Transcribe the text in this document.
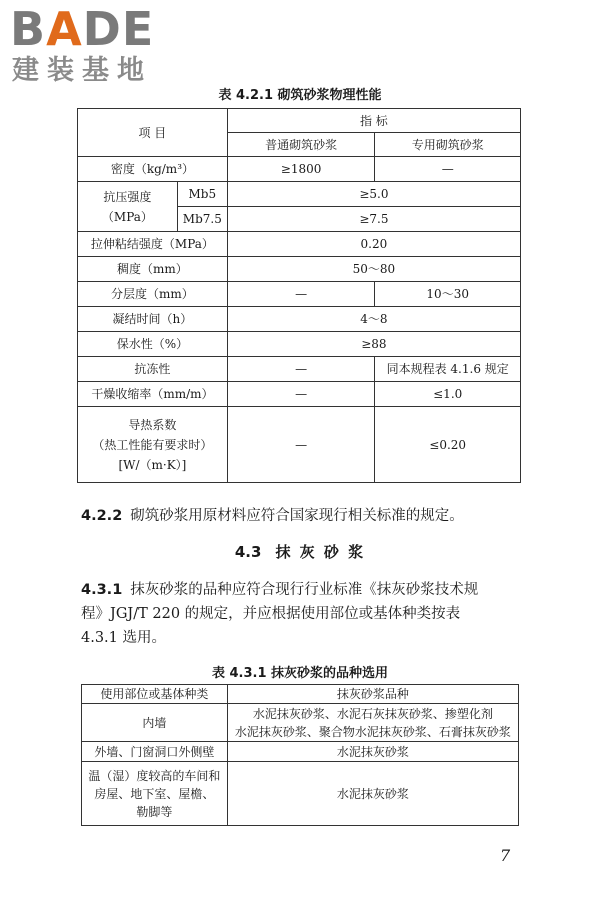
BADE
建装基地
表 4.2.1 砌筑砂浆物理性能
项 目		指 标	
		普通砌筑砂浆	专用砌筑砂浆
密度（kg/m³）		≥1800	—
抗压强度（MPa）	Mb5	≥5.0	
	Mb7.5	≥7.5	
拉伸粘结强度（MPa）		0.20	
稠度（mm）		50～80	
分层度（mm）		—	10～30
凝结时间（h）		4～8	
保水性（%）		≥88	
抗冻性		—	同本规程表 4.1.6 规定
干燥收缩率（mm/m）		—	≤1.0

导热系数
（热工性能有要求时）
[W/（m·K）]		—	≤0.20
4.2.2 砌筑砂浆用原材料应符合国家现行相关标准的规定。
4.3 抹 灰 砂 浆
4.3.1 抹灰砂浆的品种应符合现行行业标准《抹灰砂浆技术规
程》JGJ/T 220 的规定，并应根据使用部位或基体种类按表
4.3.1 选用。
表 4.3.1 抹灰砂浆的品种选用
使用部位或基体种类	抹灰砂浆品种
内墙	水泥抹灰砂浆、水泥石灰抹灰砂浆、掺塑化剂
水泥抹灰砂浆、聚合物水泥抹灰砂浆、石膏抹灰砂浆

外墙、门窗洞口外侧壁	水泥抹灰砂浆

温（湿）度较高的车间和
房屋、地下室、屋檐、
勒脚等	水泥抹灰砂浆
7
